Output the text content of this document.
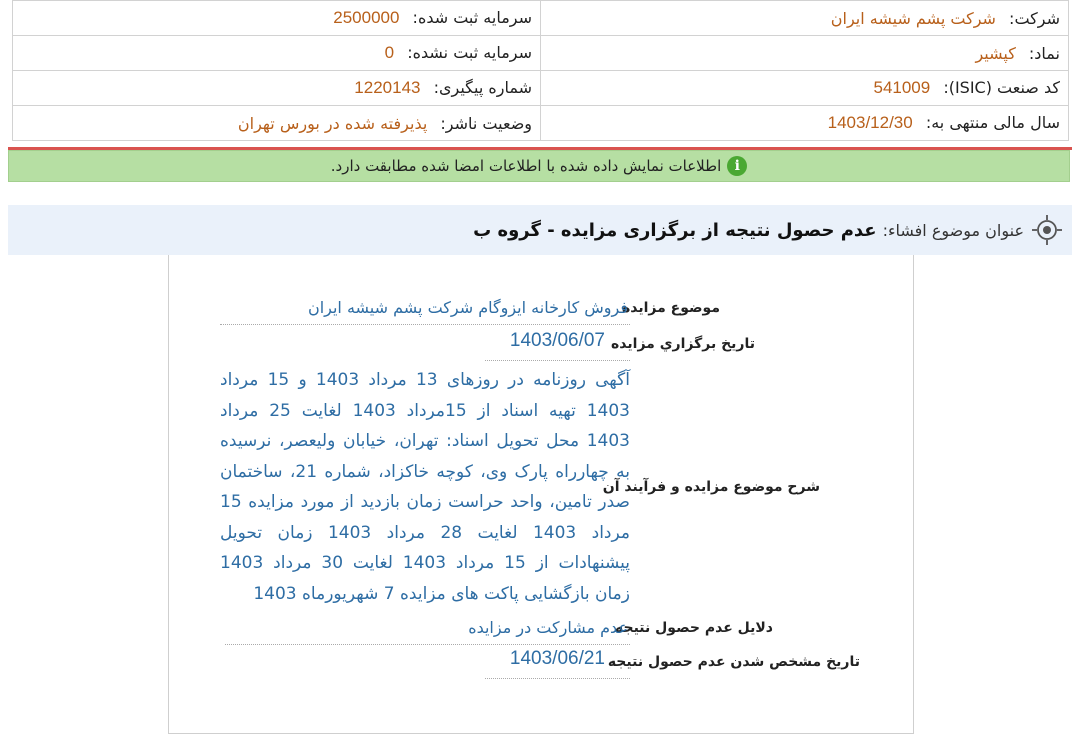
شرکت: شرکت پشم شیشه ایران	سرمایه ثبت شده: 2500000
نماد: کپشیر	سرمایه ثبت نشده: 0
کد صنعت (ISIC): 541009	شماره پیگیری: 1220143
سال مالی منتهی به: 1403/12/30	وضعیت ناشر: پذیرفته شده در بورس تهران
i
اطلاعات نمایش داده شده با اطلاعات امضا شده مطابقت دارد.
عنوان موضوع افشاء:
عدم حصول نتیجه از برگزاری مزایده - گروه ب
موضوع مزایده
فروش کارخانه ایزوگام شرکت پشم شیشه ایران
تاريخ برگزاري مزايده
1403/06/07
شرح موضوع مزایده و فرآیند آن
آگهی روزنامه در روزهای 13 مرداد 1403 و 15 مرداد 1403 تهیه اسناد از 15مرداد 1403 لغایت 25 مرداد 1403 محل تحویل اسناد: تهران، خیابان ولیعصر، نرسیده به چهارراه پارک وی، کوچه خاکزاد، شماره 21، ساختمان صدر تامین، واحد حراست زمان بازدید از مورد مزایده 15 مرداد 1403 لغایت 28 مرداد 1403 زمان تحویل پیشنهادات از 15 مرداد 1403 لغایت 30 مرداد 1403 زمان بازگشایی پاکت های مزایده 7 شهریورماه 1403
دلایل عدم حصول نتیجه
عدم مشارکت در مزایده
تاریخ مشخص شدن عدم حصول نتیجه
1403/06/21
